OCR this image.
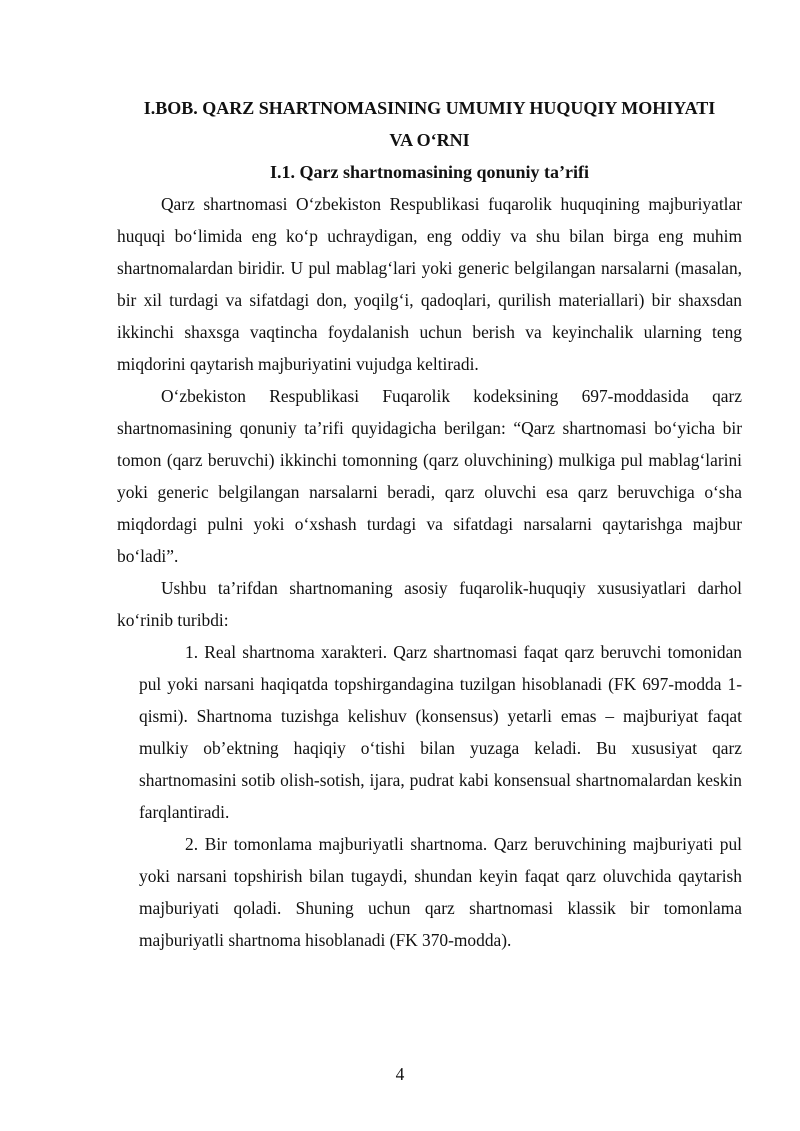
I.BOB. QARZ SHARTNOMASINING UMUMIY HUQUQIY MOHIYATI
VA O‘RNI
I.1. Qarz shartnomasining qonuniy ta’rifi

Qarz shartnomasi O‘zbekiston Respublikasi fuqarolik huquqining majburiyatlar huquqi bo‘limida eng ko‘p uchraydigan, eng oddiy va shu bilan birga eng muhim shartnomalardan biridir. U pul mablag‘lari yoki generic belgilangan narsalarni (masalan, bir xil turdagi va sifatdagi don, yoqilg‘i, qadoqlari, qurilish materiallari) bir shaxsdan ikkinchi shaxsga vaqtincha foydalanish uchun berish va keyinchalik ularning teng miqdorini qaytarish majburiyatini vujudga keltiradi.

O‘zbekiston Respublikasi Fuqarolik kodeksining 697-moddasida qarz shartnomasining qonuniy ta’rifi quyidagicha berilgan: “Qarz shartnomasi bo‘yicha bir tomon (qarz beruvchi) ikkinchi tomonning (qarz oluvchining) mulkiga pul mablag‘larini yoki generic belgilangan narsalarni beradi, qarz oluvchi esa qarz beruvchiga o‘sha miqdordagi pulni yoki o‘xshash turdagi va sifatdagi narsalarni qaytarishga majbur bo‘ladi”.

Ushbu ta’rifdan shartnomaning asosiy fuqarolik-huquqiy xususiyatlari darhol ko‘rinib turibdi:

1. Real shartnoma xarakteri. Qarz shartnomasi faqat qarz beruvchi tomonidan pul yoki narsani haqiqatda topshirgandagina tuzilgan hisoblanadi (FK 697-modda 1-qismi). Shartnoma tuzishga kelishuv (konsensus) yetarli emas – majburiyat faqat mulkiy ob’ektning haqiqiy o‘tishi bilan yuzaga keladi. Bu xususiyat qarz shartnomasini sotib olish-sotish, ijara, pudrat kabi konsensual shartnomalardan keskin farqlantiradi.

2. Bir tomonlama majburiyatli shartnoma. Qarz beruvchining majburiyati pul yoki narsani topshirish bilan tugaydi, shundan keyin faqat qarz oluvchida qaytarish majburiyati qoladi. Shuning uchun qarz shartnomasi klassik bir tomonlama majburiyatli shartnoma hisoblanadi (FK 370-modda).

4
